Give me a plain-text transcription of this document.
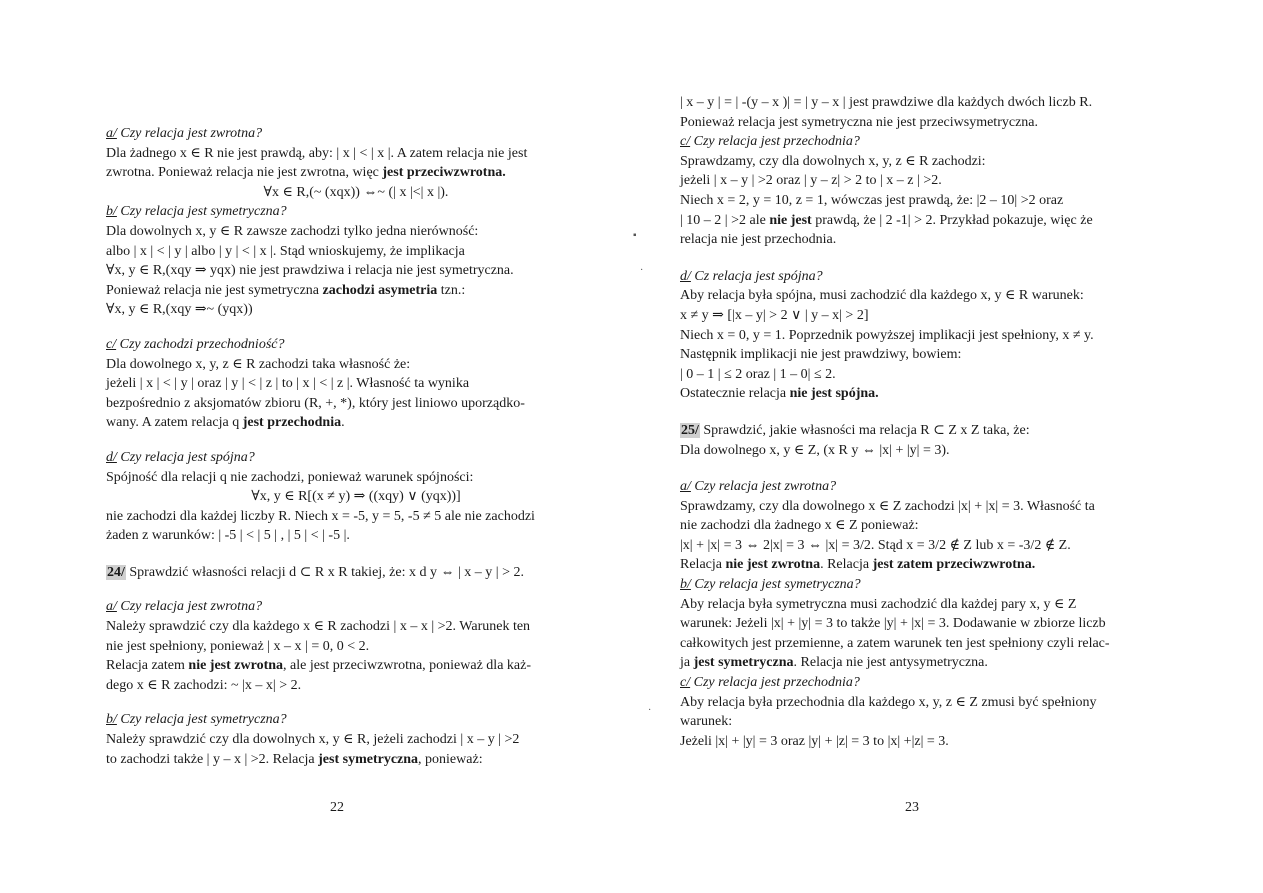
a/ Czy relacja jest zwrotna?
Dla żadnego x ∈ R nie jest prawdą, aby: | x | < | x |. A zatem relacja nie jest
zwrotna. Ponieważ relacja nie jest zwrotna, więc jest przeciwzwrotna.
∀x ∈ R,(~ (xqx)) ⇔~ (| x |<| x |).
b/ Czy relacja jest symetryczna?
Dla dowolnych x, y ∈ R zawsze zachodzi tylko jedna nierówność:
albo | x | < | y | albo | y | < | x |. Stąd wnioskujemy, że implikacja
∀x, y ∈ R,(xqy ⇒ yqx) nie jest prawdziwa i relacja nie jest symetryczna.
Ponieważ relacja nie jest symetryczna zachodzi asymetria tzn.:
∀x, y ∈ R,(xqy ⇒~ (yqx))
c/ Czy zachodzi przechodniość?
Dla dowolnego x, y, z ∈ R zachodzi taka własność że:
jeżeli | x | < | y | oraz | y | < | z | to | x | < | z |. Własność ta wynika
bezpośrednio z aksjomatów zbioru (R, +, *), który jest liniowo uporządko-
wany. A zatem relacja q jest przechodnia.
d/ Czy relacja jest spójna?
Spójność dla relacji q nie zachodzi, ponieważ warunek spójności:
∀x, y ∈ R[(x ≠ y) ⇒ ((xqy) ∨ (yqx))]
nie zachodzi dla każdej liczby R. Niech x = -5, y = 5, -5 ≠ 5 ale nie zachodzi
żaden z warunków: | -5 | < | 5 | , | 5 | < | -5 |.
24/ Sprawdzić własności relacji d ⊂ R x R takiej, że: x d y ⇔ | x – y | > 2.
a/ Czy relacja jest zwrotna?
Należy sprawdzić czy dla każdego x ∈ R zachodzi | x – x | >2. Warunek ten
nie jest spełniony, ponieważ | x – x | = 0, 0 < 2.
Relacja zatem nie jest zwrotna, ale jest przeciwzwrotna, ponieważ dla każ-
dego x ∈ R zachodzi: ~ |x – x| > 2.
b/ Czy relacja jest symetryczna?
Należy sprawdzić czy dla dowolnych x, y ∈ R, jeżeli zachodzi | x – y | >2
to zachodzi także | y – x | >2. Relacja jest symetryczna, ponieważ:
22
| x – y | = | -(y – x )| = | y – x | jest prawdziwe dla każdych dwóch liczb R.
Ponieważ relacja jest symetryczna nie jest przeciwsymetryczna.
c/ Czy relacja jest przechodnia?
Sprawdzamy, czy dla dowolnych x, y, z ∈ R zachodzi:
jeżeli | x – y | >2 oraz | y – z| > 2 to | x – z | >2.
Niech x = 2, y = 10, z = 1, wówczas jest prawdą, że: |2 – 10| >2 oraz
| 10 – 2 | >2 ale nie jest prawdą, że | 2 -1| > 2. Przykład pokazuje, więc że
relacja nie jest przechodnia.
d/ Cz relacja jest spójna?
Aby relacja była spójna, musi zachodzić dla każdego x, y ∈ R warunek:
x ≠ y ⇒ [|x – y| > 2 ∨ | y – x| > 2]
Niech x = 0, y = 1. Poprzednik powyższej implikacji jest spełniony, x ≠ y.
Następnik implikacji nie jest prawdziwy, bowiem:
| 0 – 1 | ≤ 2 oraz | 1 – 0| ≤ 2.
Ostatecznie relacja nie jest spójna.
25/ Sprawdzić, jakie własności ma relacja R ⊂ Z x Z taka, że:
Dla dowolnego x, y ∈ Z, (x R y ⇔ |x| + |y| = 3).
a/ Czy relacja jest zwrotna?
Sprawdzamy, czy dla dowolnego x ∈ Z zachodzi |x| + |x| = 3. Własność ta
nie zachodzi dla żadnego x ∈ Z ponieważ:
|x| + |x| = 3 ⇔ 2|x| = 3 ⇔ |x| = 3/2. Stąd x = 3/2 ∉ Z lub x = -3/2 ∉ Z.
Relacja nie jest zwrotna. Relacja jest zatem przeciwzwrotna.
b/ Czy relacja jest symetryczna?
Aby relacja była symetryczna musi zachodzić dla każdej pary x, y ∈ Z
warunek: Jeżeli |x| + |y| = 3 to także |y| + |x| = 3. Dodawanie w zbiorze liczb
całkowitych jest przemienne, a zatem warunek ten jest spełniony czyli relac-
ja jest symetryczna. Relacja nie jest antysymetryczna.
c/ Czy relacja jest przechodnia?
Aby relacja była przechodnia dla każdego x, y, z ∈ Z zmusi być spełniony
warunek:
Jeżeli |x| + |y| = 3 oraz |y| + |z| = 3 to |x| +|z| = 3.
23
▪
·
·
